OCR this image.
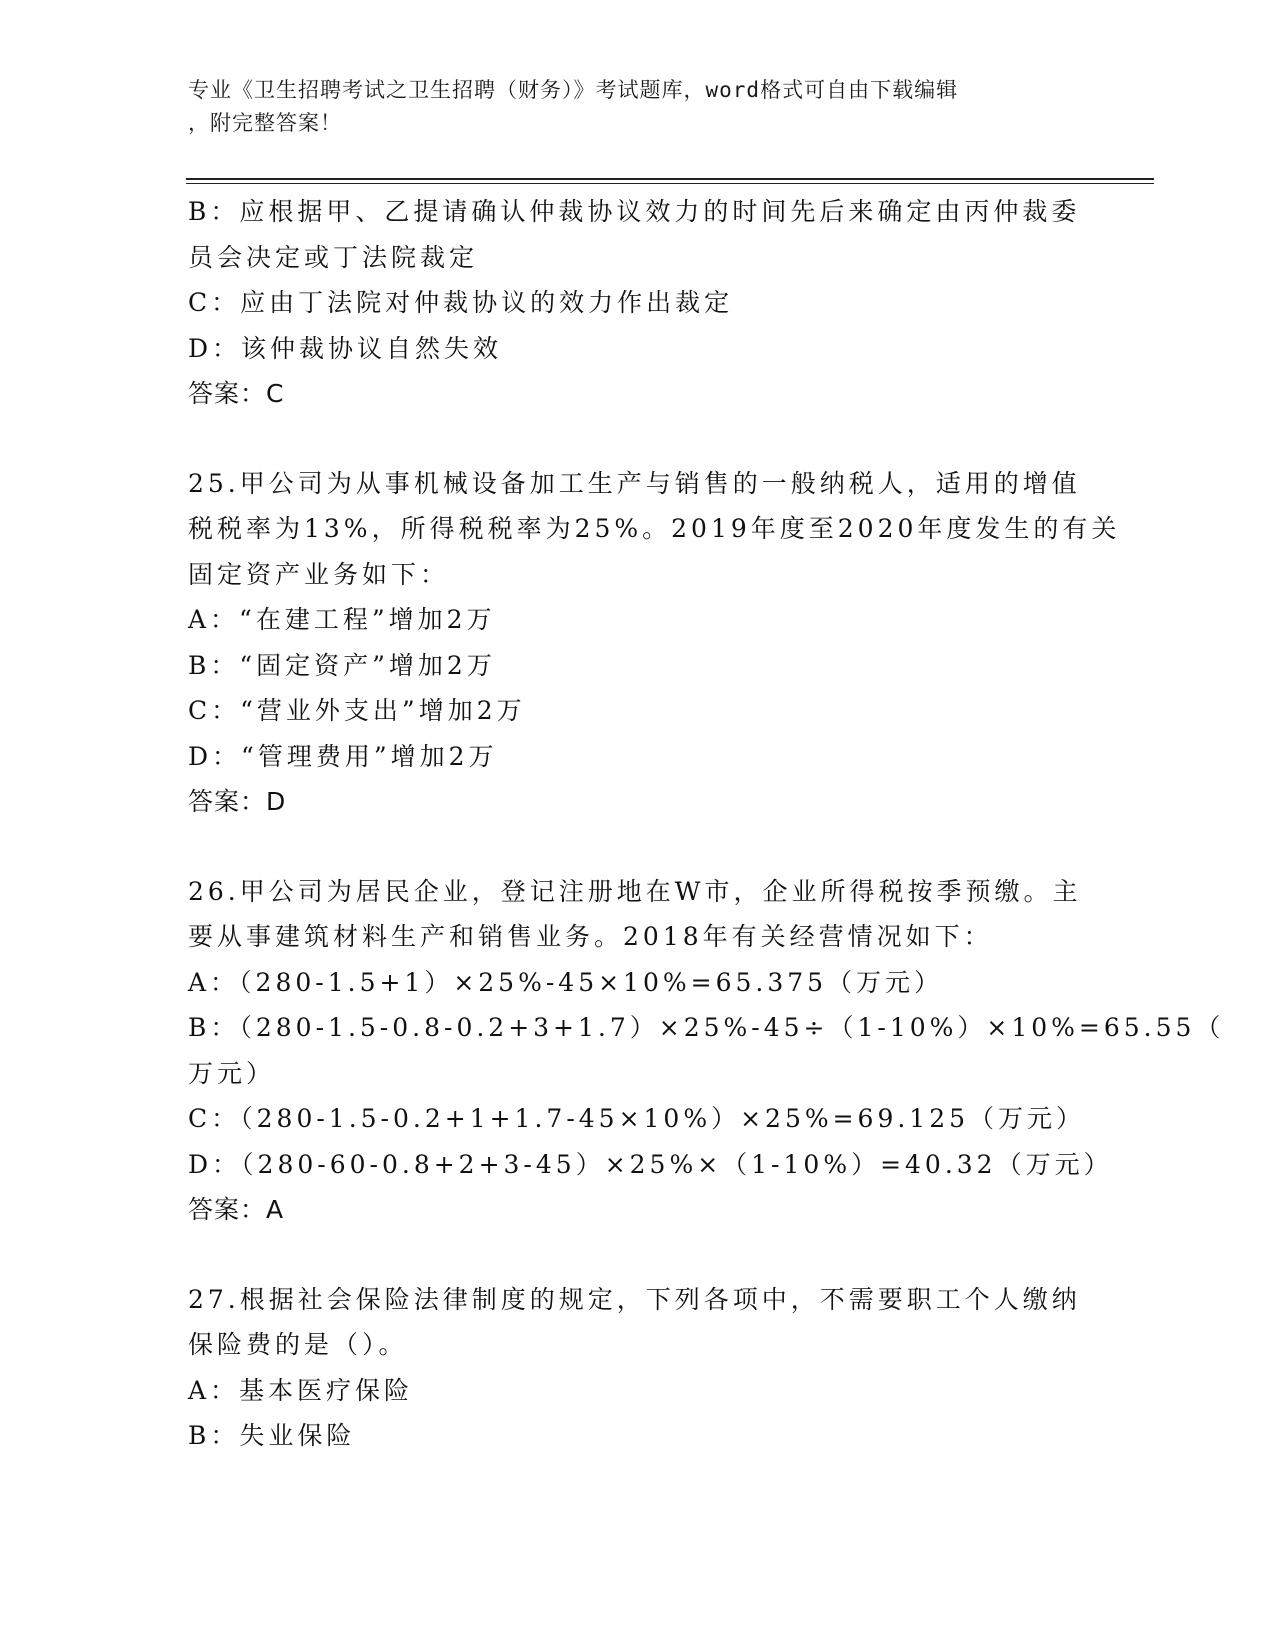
专业《卫生招聘考试之卫生招聘（财务）》考试题库，word格式可自由下载编辑
，附完整答案！
B：应根据甲、乙提请确认仲裁协议效力的时间先后来确定由丙仲裁委
员会决定或丁法院裁定
C：应由丁法院对仲裁协议的效力作出裁定
D：该仲裁协议自然失效
答案：C
25.甲公司为从事机械设备加工生产与销售的一般纳税人，适用的增值
税税率为13%，所得税税率为25%。2019年度至2020年度发生的有关
固定资产业务如下：
A：“在建工程”增加2万
B：“固定资产”增加2万
C：“营业外支出”增加2万
D：“管理费用”增加2万
答案：D
26.甲公司为居民企业，登记注册地在W市，企业所得税按季预缴。主
要从事建筑材料生产和销售业务。2018年有关经营情况如下：
A：（280-1.5+1）×25%-45×10%=65.375（万元）
B：（280-1.5-0.8-0.2+3+1.7）×25%-45÷（1-10%）×10%=65.55（
万元）
C：（280-1.5-0.2+1+1.7-45×10%）×25%=69.125（万元）
D：（280-60-0.8+2+3-45）×25%×（1-10%）=40.32（万元）
答案：A
27.根据社会保险法律制度的规定，下列各项中，不需要职工个人缴纳
保险费的是（）。
A：基本医疗保险
B：失业保险
